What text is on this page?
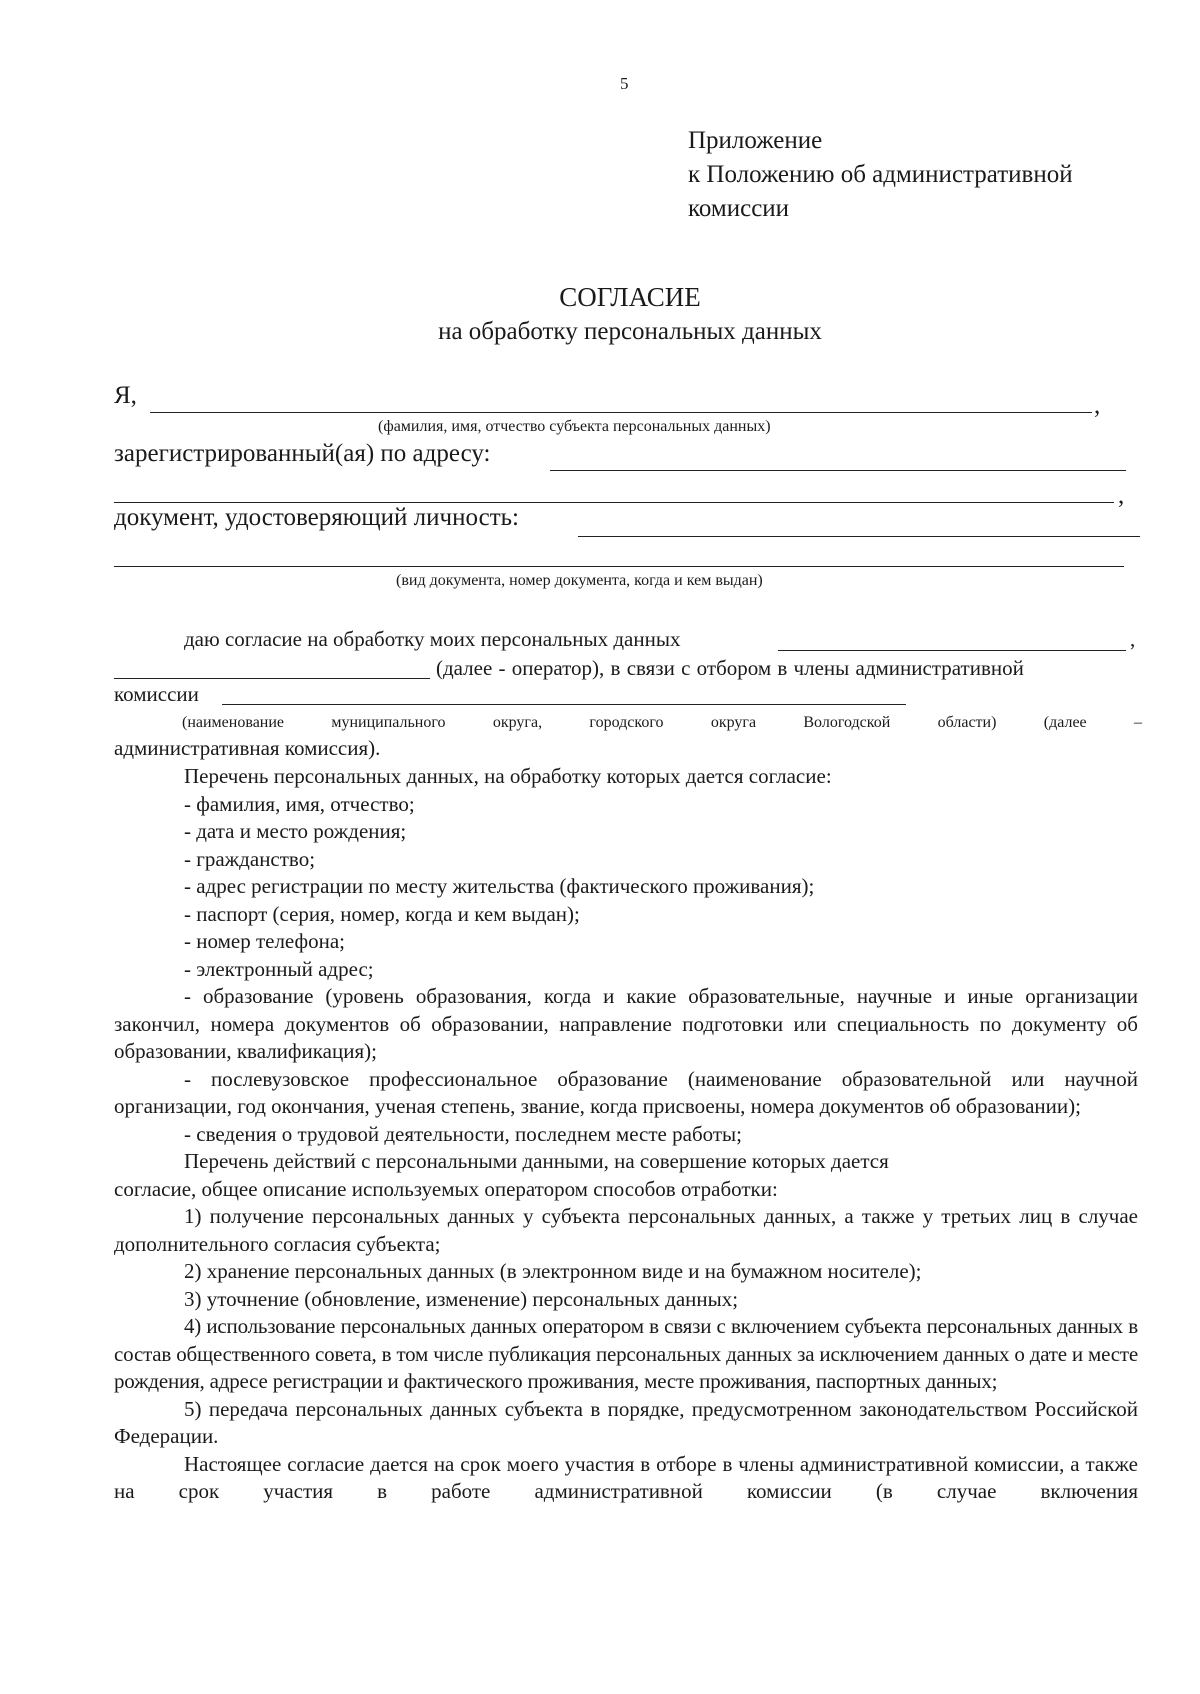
5
Приложение
к Положению об административной
комиссии
СОГЛАСИЕ
на обработку персональных данных
Я,	,
(фамилия, имя, отчество субъекта персональных данных)
зарегистрированный(ая) по адресу:
,
документ, удостоверяющий личность:
(вид документа, номер документа, когда и кем выдан)
даю согласие на обработку моих персональных данных	,
(далее - оператор), в связи с отбором в члены административной
комиссии
(наименование муниципального округа, городского округа Вологодской области) (далее –
административная комиссия).

Перечень персональных данных, на обработку которых дается согласие:

- фамилия, имя, отчество;

- дата и место рождения;

- гражданство;

- адрес регистрации по месту жительства (фактического проживания);

- паспорт (серия, номер, когда и кем выдан);

- номер телефона;

- электронный адрес;

- образование (уровень образования, когда и какие образовательные, научные и иные организации закончил, номера документов об образовании, направление подготовки или специальность по документу об образовании, квалификация);

- послевузовское профессиональное образование (наименование образовательной или научной организации, год окончания, ученая степень, звание, когда присвоены, номера документов об образовании);

- сведения о трудовой деятельности, последнем месте работы;

Перечень действий с персональными данными, на совершение которых дается

согласие, общее описание используемых оператором способов отработки:

1) получение персональных данных у субъекта персональных данных, а также у третьих лиц в случае дополнительного согласия субъекта;

2) хранение персональных данных (в электронном виде и на бумажном носителе);

3) уточнение (обновление, изменение) персональных данных;

4) использование персональных данных оператором в связи с включением субъекта персональных данных в состав общественного совета, в том числе публикация персональных данных за исключением данных о дате и месте рождения, адресе регистрации и фактического проживания, месте проживания, паспортных данных;

5) передача персональных данных субъекта в порядке, предусмотренном законодательством Российской Федерации.

Настоящее согласие дается на срок моего участия в отборе в члены административной комиссии, а также на срок участия в работе административной комиссии (в случае включения
